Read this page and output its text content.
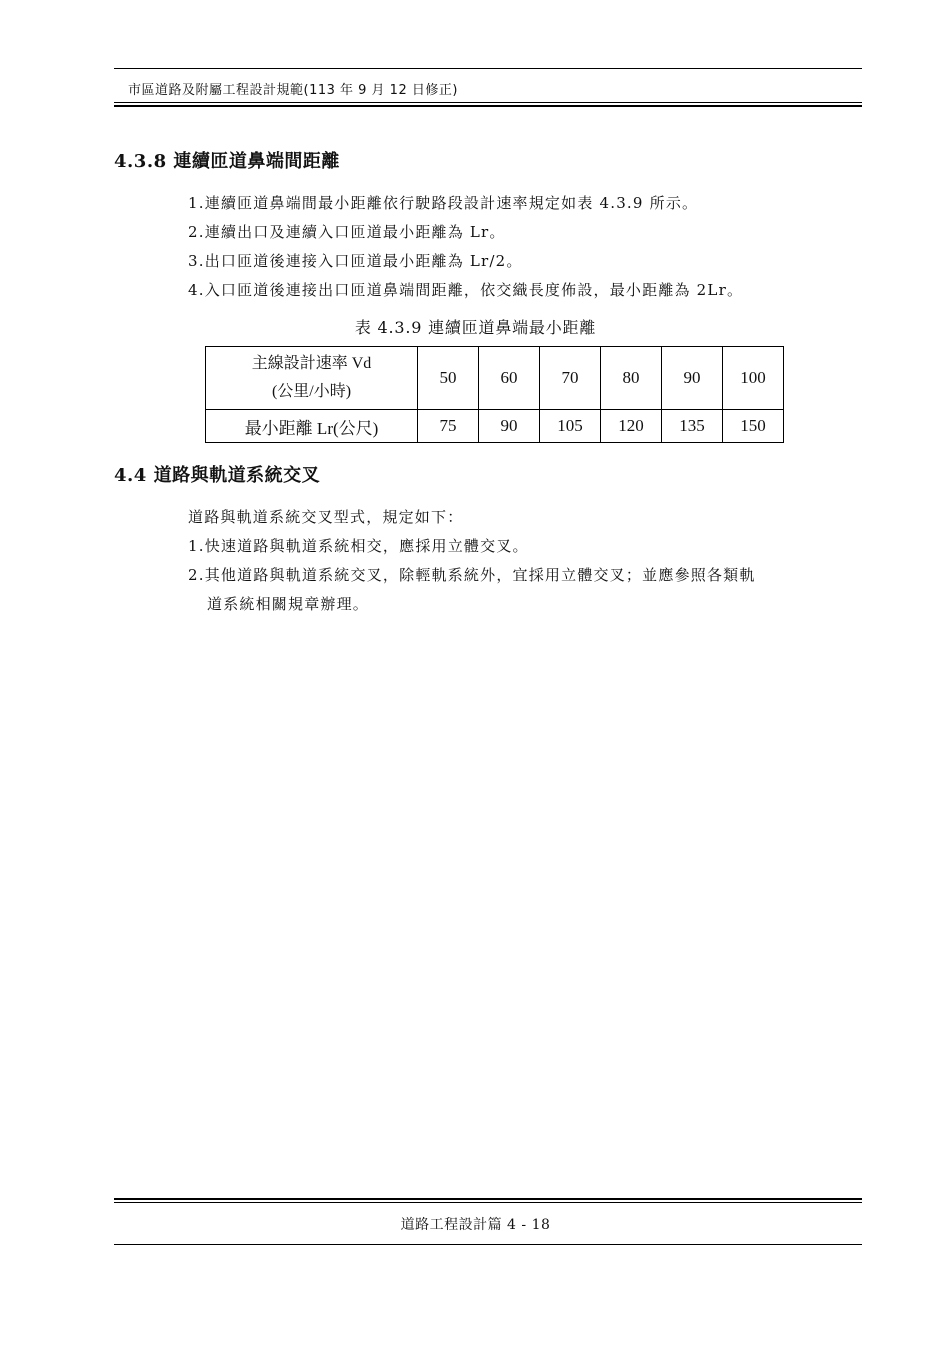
市區道路及附屬工程設計規範(113 年 9 月 12 日修正)
4.3.8 連續匝道鼻端間距離
1.連續匝道鼻端間最小距離依行駛路段設計速率規定如表 4.3.9 所示。
2.連續出口及連續入口匝道最小距離為 Lr。
3.出口匝道後連接入口匝道最小距離為 Lr/2。
4.入口匝道後連接出口匝道鼻端間距離，依交織長度佈設，最小距離為 2Lr。
表 4.3.9 連續匝道鼻端最小距離
主線設計速率 Vd
(公里/小時)	50	60	70	80	90	100
最小距離 Lr(公尺)	75	90	105	120	135	150
4.4 道路與軌道系統交叉
道路與軌道系統交叉型式，規定如下：
1.快速道路與軌道系統相交，應採用立體交叉。
2.其他道路與軌道系統交叉，除輕軌系統外，宜採用立體交叉；並應參照各類軌
道系統相關規章辦理。
道路工程設計篇 4 - 18
